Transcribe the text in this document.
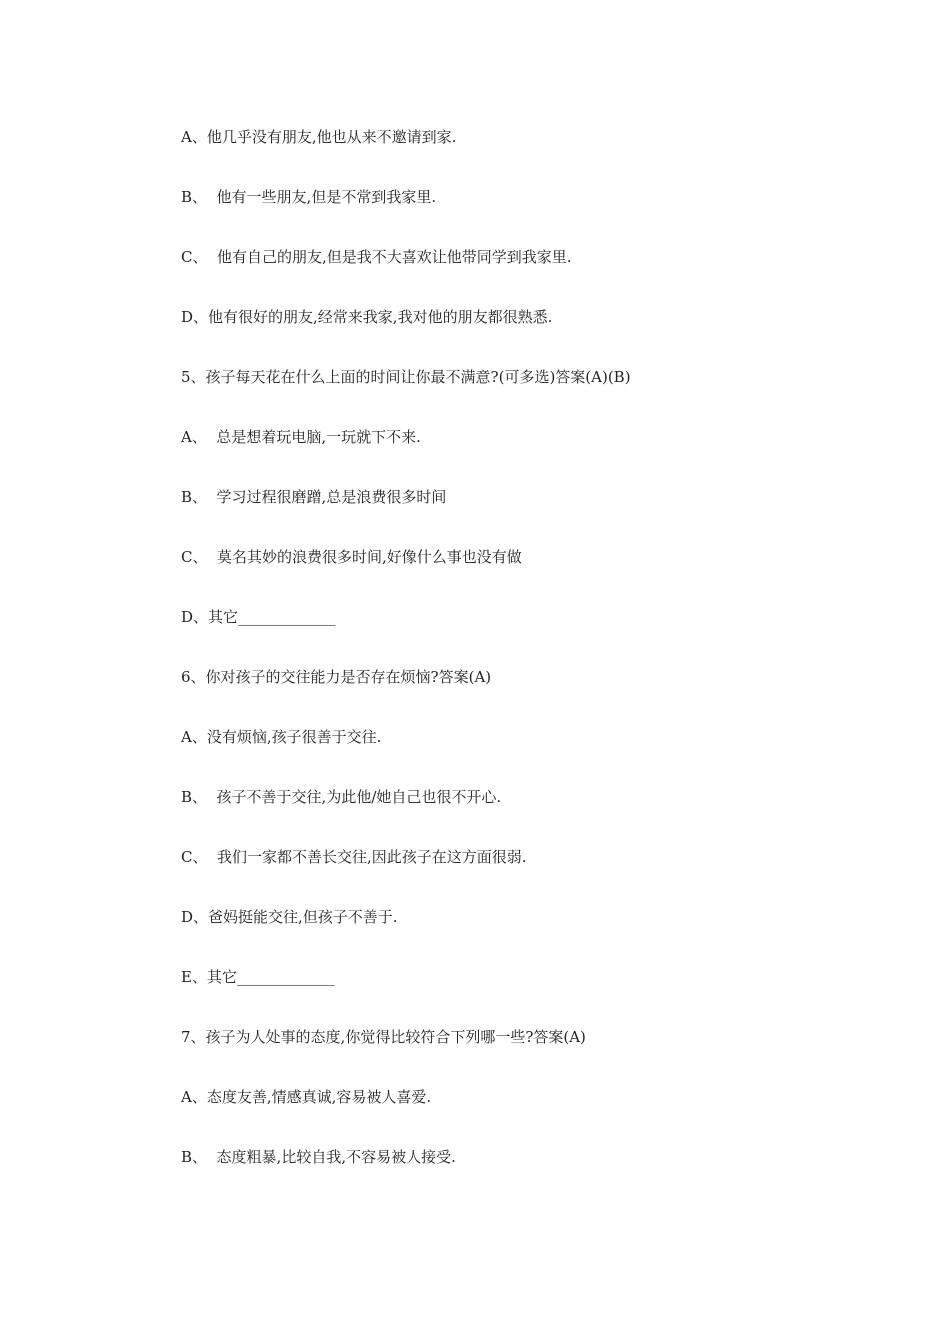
A、他几乎没有朋友,他也从来不邀请到家.
B、  他有一些朋友,但是不常到我家里.
C、  他有自己的朋友,但是我不大喜欢让他带同学到我家里.
D、他有很好的朋友,经常来我家,我对他的朋友都很熟悉.
5、孩子每天花在什么上面的时间让你最不满意?(可多选)答案(A)(B)
A、  总是想着玩电脑,一玩就下不来.
B、  学习过程很磨蹭,总是浪费很多时间
C、  莫名其妙的浪费很多时间,好像什么事也没有做
D、其它_____________
6、你对孩子的交往能力是否存在烦恼?答案(A)
A、没有烦恼,孩子很善于交往.
B、  孩子不善于交往,为此他/她自己也很不开心.
C、  我们一家都不善长交往,因此孩子在这方面很弱.
D、爸妈挺能交往,但孩子不善于.
E、其它_____________
7、孩子为人处事的态度,你觉得比较符合下列哪一些?答案(A)
A、态度友善,情感真诚,容易被人喜爱.
B、  态度粗暴,比较自我,不容易被人接受.
